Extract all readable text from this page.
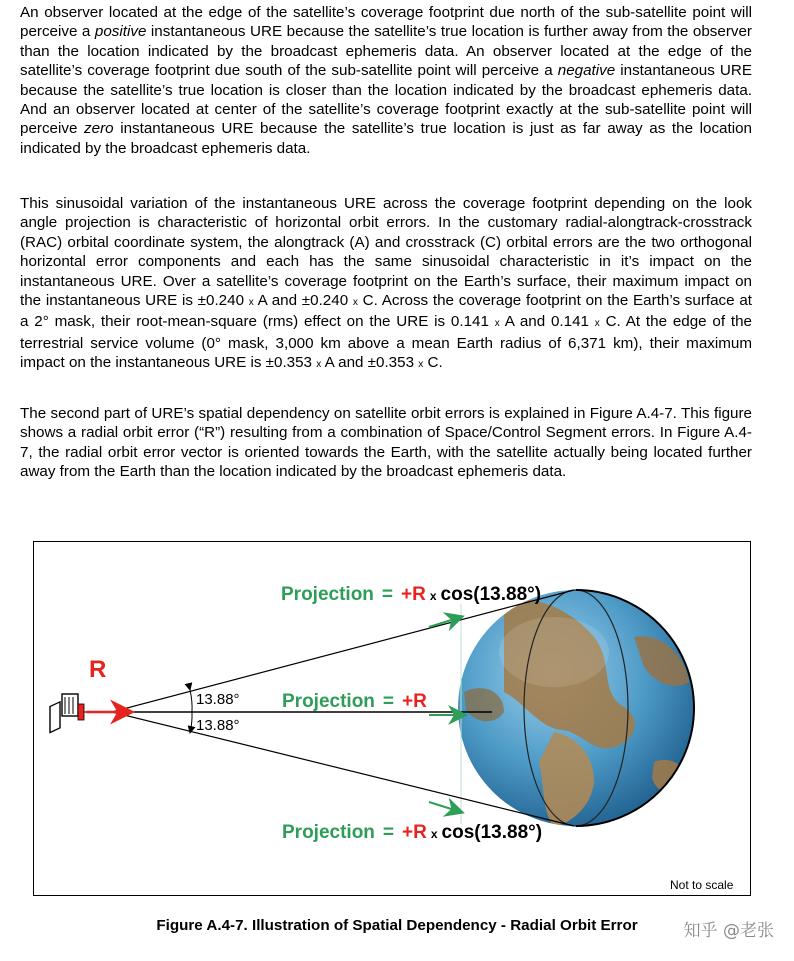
An observer located at the edge of the satellite’s coverage footprint due north of the sub-satellite point will perceive a positive instantaneous URE because the satellite’s true location is further away from the observer than the location indicated by the broadcast ephemeris data. An observer located at the edge of the satellite’s coverage footprint due south of the sub-satellite point will perceive a negative instantaneous URE because the satellite’s true location is closer than the location indicated by the broadcast ephemeris data. And an observer located at center of the satellite’s coverage footprint exactly at the sub-satellite point will perceive zero instantaneous URE because the satellite’s true location is just as far away as the location indicated by the broadcast ephemeris data.

This sinusoidal variation of the instantaneous URE across the coverage footprint depending on the look angle projection is characteristic of horizontal orbit errors. In the customary radial-alongtrack-crosstrack (RAC) orbital coordinate system, the alongtrack (A) and crosstrack (C) orbital errors are the two orthogonal horizontal error components and each has the same sinusoidal characteristic in it’s impact on the instantaneous URE. Over a satellite’s coverage footprint on the Earth’s surface, their maximum impact on the instantaneous URE is ±0.240 x A and ±0.240 x C. Across the coverage footprint on the Earth’s surface at a 2° mask, their root-mean-square (rms) effect on the URE is 0.141 x A and 0.141 x C. At the edge of the terrestrial service volume (0° mask, 3,000 km above a mean Earth radius of 6,371 km), their maximum impact on the instantaneous URE is ±0.353 x A and ±0.353 x C.

The second part of URE’s spatial dependency on satellite orbit errors is explained in Figure A.4-7. This figure shows a radial orbit error (“R”) resulting from a combination of Space/Control Segment errors. In Figure A.4-7, the radial orbit error vector is oriented towards the Earth, with the satellite actually being located further away from the Earth than the location indicated by the broadcast ephemeris data.

13.88°
13.88°
R
Projection = +R x cos(13.88°)
Projection = +R
Projection = +R x cos(13.88°)
Not to scale
Figure A.4-7. Illustration of Spatial Dependency - Radial Orbit Error	知乎 @老张
